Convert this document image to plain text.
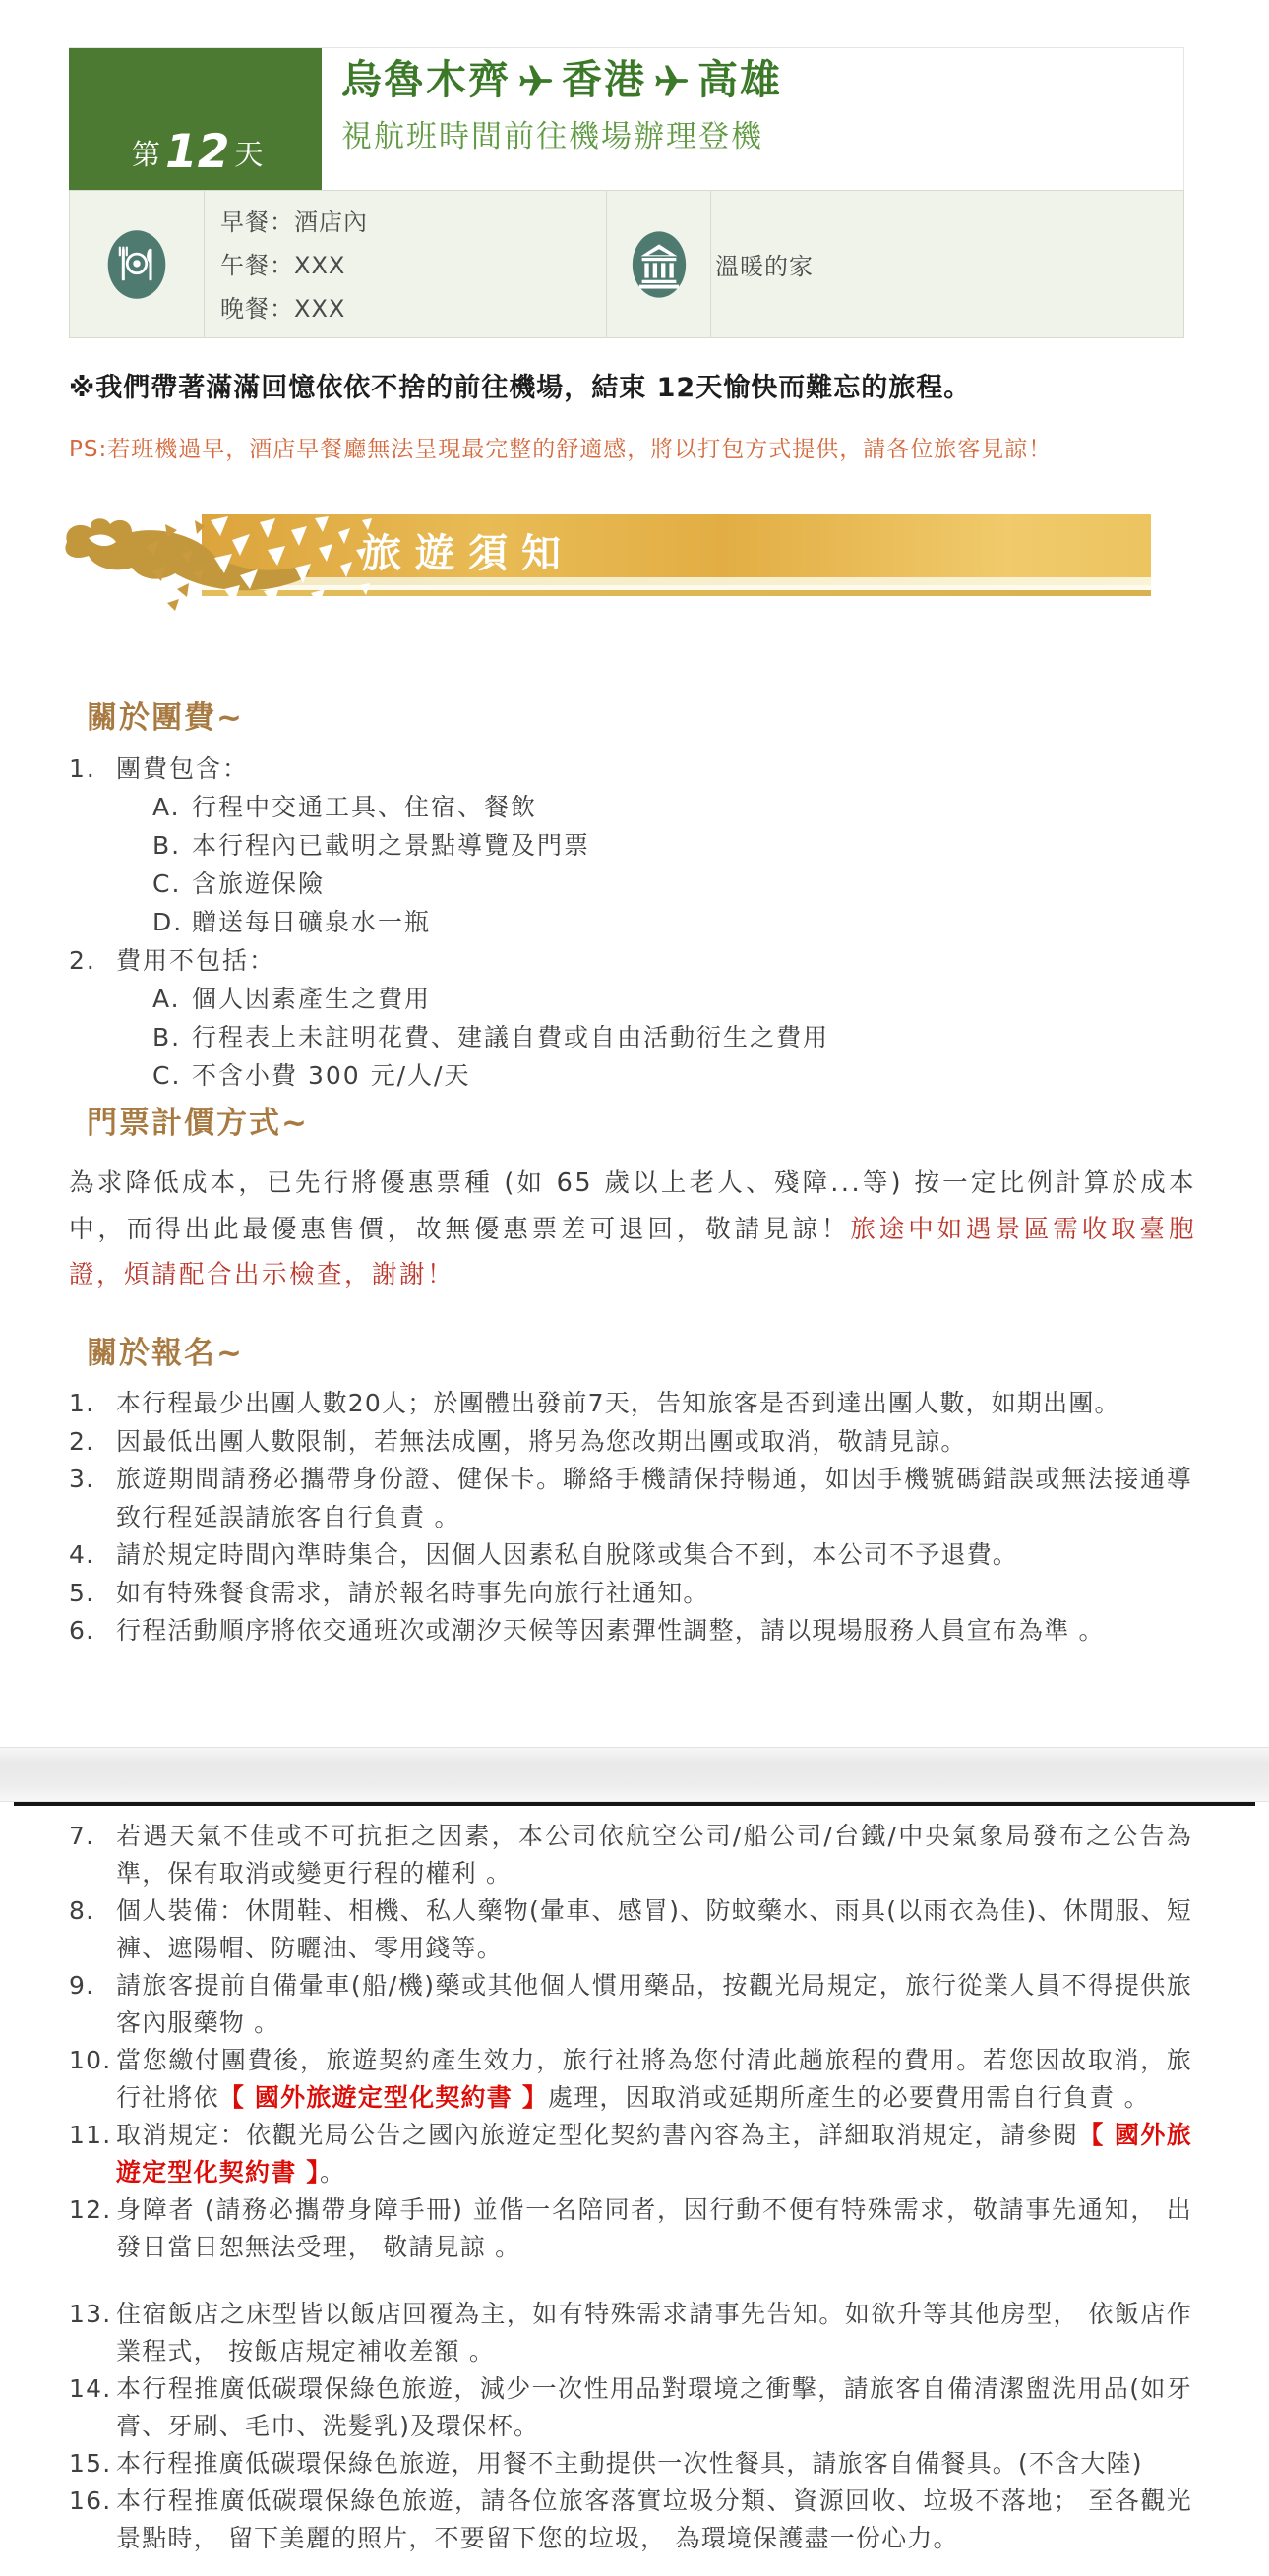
第 12 天
烏魯木齊 香港 高雄
視航班時間前往機場辦理登機
早餐：酒店內
午餐：XXX
晚餐：XXX
溫暖的家
※我們帶著滿滿回憶依依不捨的前往機場，結束 12天愉快而難忘的旅程。
PS:若班機過早，酒店早餐廳無法呈現最完整的舒適感，將以打包方式提供，請各位旅客見諒！
旅遊須知
關於團費~
1. 團費包含：
A. 行程中交通工具、住宿、餐飲
B. 本行程內已載明之景點導覽及門票
C. 含旅遊保險
D. 贈送每日礦泉水一瓶
2. 費用不包括：
A. 個人因素產生之費用
B. 行程表上未註明花費、建議自費或自由活動衍生之費用
C. 不含小費 300 元/人/天
門票計價方式~

為求降低成本，已先行將優惠票種 (如 65 歲以上老人、殘障...等) 按一定比例計算於成本中，而得出此最優惠售價，故無優惠票差可退回，敬請見諒！旅途中如遇景區需收取臺胞證，煩請配合出示檢查，謝謝！

關於報名~
1. 本行程最少出團人數20人；於團體出發前7天，告知旅客是否到達出團人數，如期出團。
2. 因最低出團人數限制，若無法成團，將另為您改期出團或取消，敬請見諒。
3. 旅遊期間請務必攜帶身份證、健保卡。聯絡手機請保持暢通，如因手機號碼錯誤或無法接通導致行程延誤請旅客自行負責 。
4. 請於規定時間內準時集合，因個人因素私自脫隊或集合不到，本公司不予退費。
5. 如有特殊餐食需求，請於報名時事先向旅行社通知。
6. 行程活動順序將依交通班次或潮汐天候等因素彈性調整，請以現場服務人員宣布為準 。
7. 若遇天氣不佳或不可抗拒之因素，本公司依航空公司/船公司/台鐵/中央氣象局發布之公告為準，保有取消或變更行程的權利 。
8. 個人裝備：休閒鞋、相機、私人藥物(暈車、感冒)、防蚊藥水、雨具(以雨衣為佳)、休閒服、短褲、遮陽帽、防曬油、零用錢等。
9. 請旅客提前自備暈車(船/機)藥或其他個人慣用藥品，按觀光局規定，旅行從業人員不得提供旅客內服藥物 。
10. 當您繳付團費後，旅遊契約產生效力，旅行社將為您付清此趟旅程的費用。若您因故取消，旅行社將依【 國外旅遊定型化契約書 】處理，因取消或延期所產生的必要費用需自行負責 。
11. 取消規定：依觀光局公告之國內旅遊定型化契約書內容為主，詳細取消規定，請參閱【 國外旅遊定型化契約書 】。
12. 身障者 (請務必攜帶身障手冊) 並偕一名陪同者，因行動不便有特殊需求，敬請事先通知， 出發日當日恕無法受理， 敬請見諒 。
13. 住宿飯店之床型皆以飯店回覆為主，如有特殊需求請事先告知。如欲升等其他房型， 依飯店作業程式， 按飯店規定補收差額 。
14. 本行程推廣低碳環保綠色旅遊，減少一次性用品對環境之衝擊，請旅客自備清潔盥洗用品(如牙膏、牙刷、毛巾、洗髮乳)及環保杯。
15. 本行程推廣低碳環保綠色旅遊，用餐不主動提供一次性餐具，請旅客自備餐具。(不含大陸)
16. 本行程推廣低碳環保綠色旅遊，請各位旅客落實垃圾分類、資源回收、垃圾不落地； 至各觀光景點時， 留下美麗的照片，不要留下您的垃圾， 為環境保護盡一份心力。
